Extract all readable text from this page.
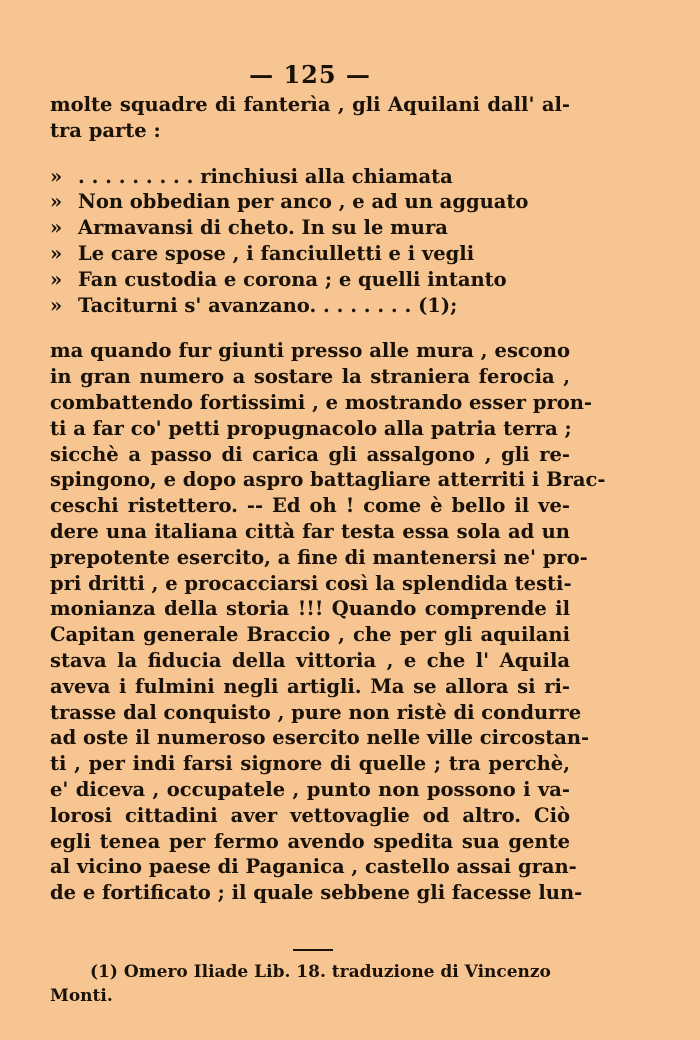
— 125 —
molte squadre di fanterìa , gli Aquilani dall' al-
tra parte :
» . . . . . . . . . rinchiusi alla chiamata
» Non obbedian per anco , e ad un agguato
» Armavansi di cheto. In su le mura
» Le care spose , i fanciulletti e i vegli
» Fan custodia e corona ; e quelli intanto
» Taciturni s' avanzano. . . . . . . . (1);
ma quando fur giunti presso alle mura , escono
in gran numero a sostare la straniera ferocia ,
combattendo fortissimi , e mostrando esser pron-
ti a far co' petti propugnacolo alla patria terra ;
sicchè a passo di carica gli assalgono , gli re-
spingono, e dopo aspro battagliare atterriti i Brac-
ceschi ristettero. -- Ed oh ! come è bello il ve-
dere una italiana città far testa essa sola ad un
prepotente esercito, a fine di mantenersi ne' pro-
pri dritti , e procacciarsi così la splendida testi-
monianza della storia !!! Quando comprende il
Capitan generale Braccio , che per gli aquilani
stava la fiducia della vittoria , e che l' Aquila
aveva i fulmini negli artigli. Ma se allora si ri-
trasse dal conquisto , pure non ristè di condurre
ad oste il numeroso esercito nelle ville circostan-
ti , per indi farsi signore di quelle ; tra perchè,
e' diceva , occupatele , punto non possono i va-
lorosi cittadini aver vettovaglie od altro. Ciò
egli tenea per fermo avendo spedita sua gente
al vicino paese di Paganica , castello assai gran-
de e fortificato ; il quale sebbene gli facesse lun-
(1) Omero Iliade Lib. 18. traduzione di Vincenzo
Monti.
